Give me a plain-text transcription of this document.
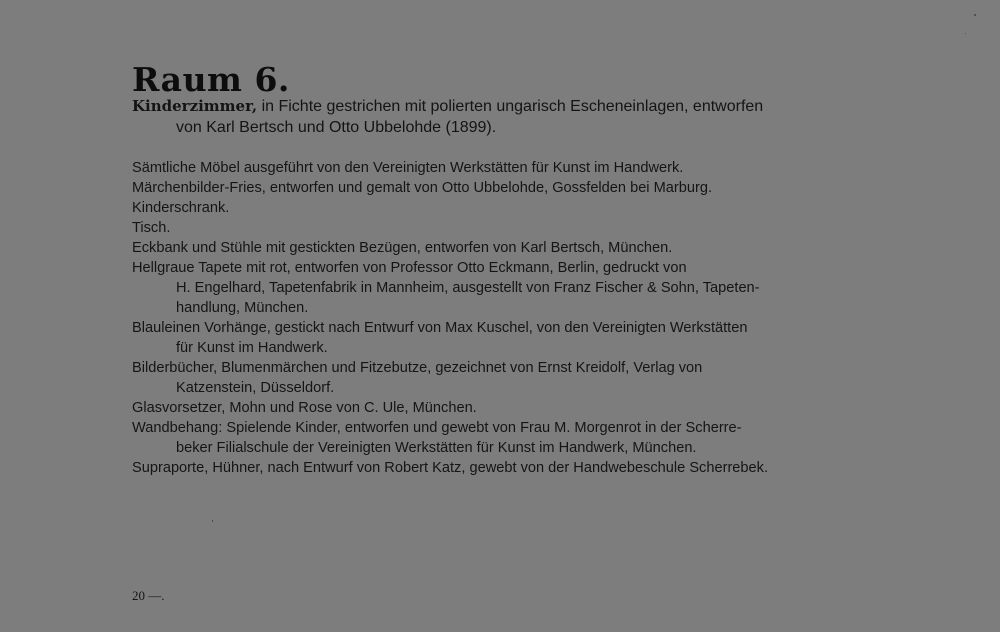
Raum 6.
Kinderzimmer, in Fichte gestrichen mit polierten ungarisch Escheneinlagen, entworfen
von Karl Bertsch und Otto Ubbelohde (1899).
Sämtliche Möbel ausgeführt von den Vereinigten Werkstätten für Kunst im Handwerk.
Märchenbilder-Fries, entworfen und gemalt von Otto Ubbelohde, Gossfelden bei Marburg.
Kinderschrank.
Tisch.
Eckbank und Stühle mit gestickten Bezügen, entworfen von Karl Bertsch, München.
Hellgraue Tapete mit rot, entworfen von Professor Otto Eckmann, Berlin, gedruckt von
H. Engelhard, Tapetenfabrik in Mannheim, ausgestellt von Franz Fischer & Sohn, Tapeten-
handlung, München.
Blauleinen Vorhänge, gestickt nach Entwurf von Max Kuschel, von den Vereinigten Werkstätten
für Kunst im Handwerk.
Bilderbücher, Blumenmärchen und Fitzebutze, gezeichnet von Ernst Kreidolf, Verlag von
Katzenstein, Düsseldorf.
Glasvorsetzer, Mohn und Rose von C. Ule, München.
Wandbehang: Spielende Kinder, entworfen und gewebt von Frau M. Morgenrot in der Scherre-
beker Filialschule der Vereinigten Werkstätten für Kunst im Handwerk, München.
Supraporte, Hühner, nach Entwurf von Robert Katz, gewebt von der Handwebeschule Scherrebek.
20 —.
